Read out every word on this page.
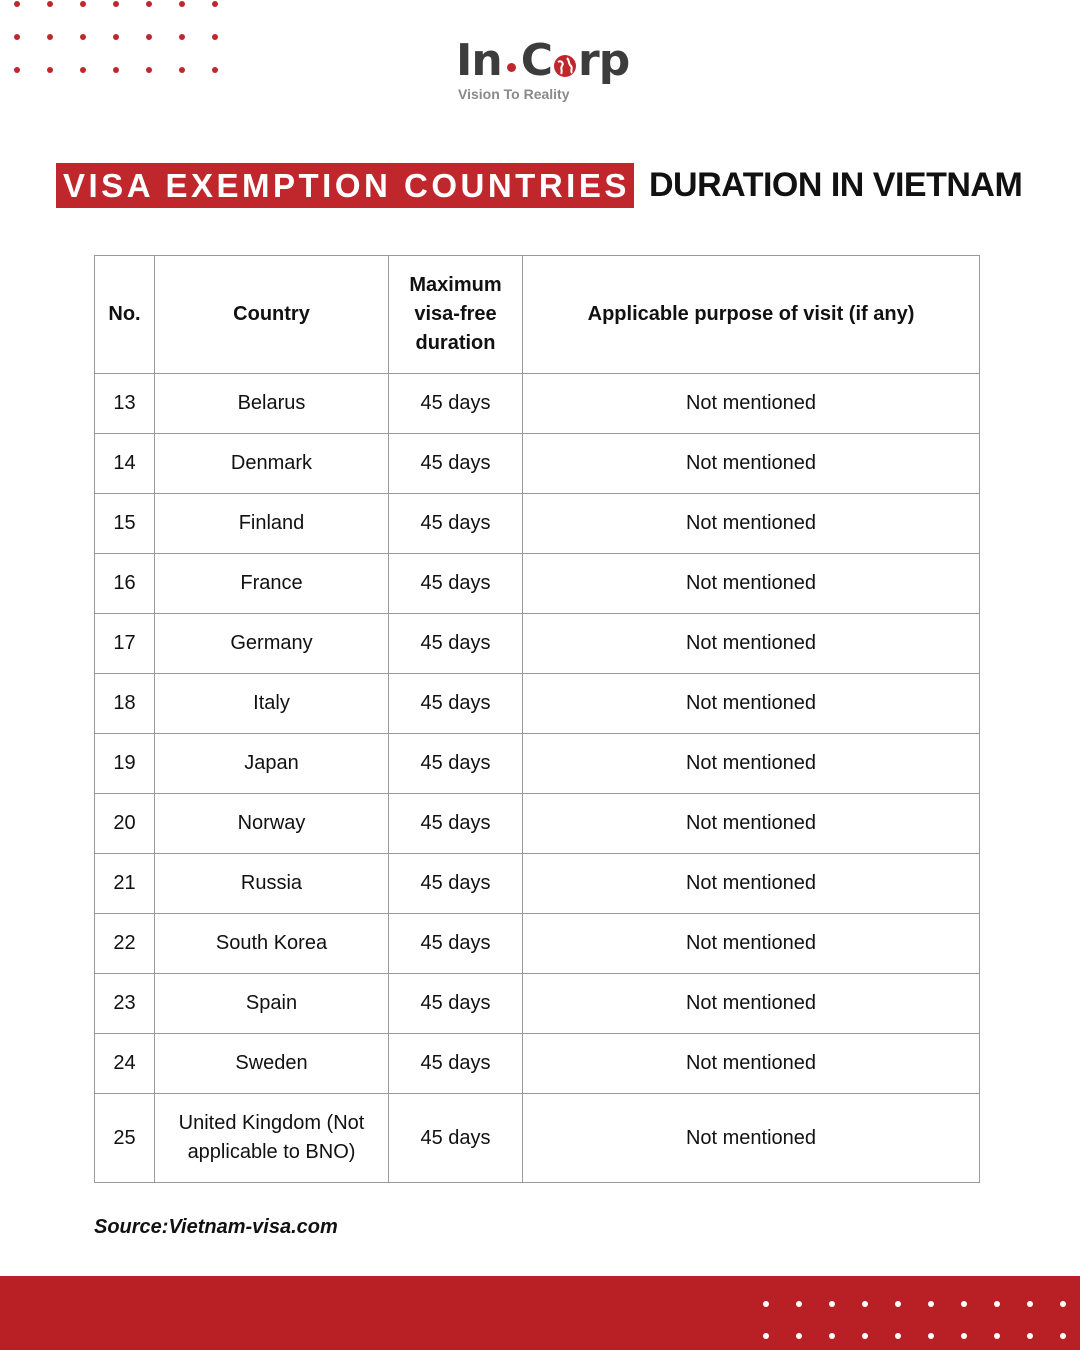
In C rp
Vision To Reality
VISA EXEMPTION COUNTRIES DURATION IN VIETNAM
No.	Country	Maximum visa-free duration	Applicable purpose of visit (if any)
13	Belarus	45 days	Not mentioned
14	Denmark	45 days	Not mentioned
15	Finland	45 days	Not mentioned
16	France	45 days	Not mentioned
17	Germany	45 days	Not mentioned
18	Italy	45 days	Not mentioned
19	Japan	45 days	Not mentioned
20	Norway	45 days	Not mentioned
21	Russia	45 days	Not mentioned
22	South Korea	45 days	Not mentioned
23	Spain	45 days	Not mentioned
24	Sweden	45 days	Not mentioned
25	United Kingdom (Not applicable to BNO)	45 days	Not mentioned
Source:Vietnam-visa.com
